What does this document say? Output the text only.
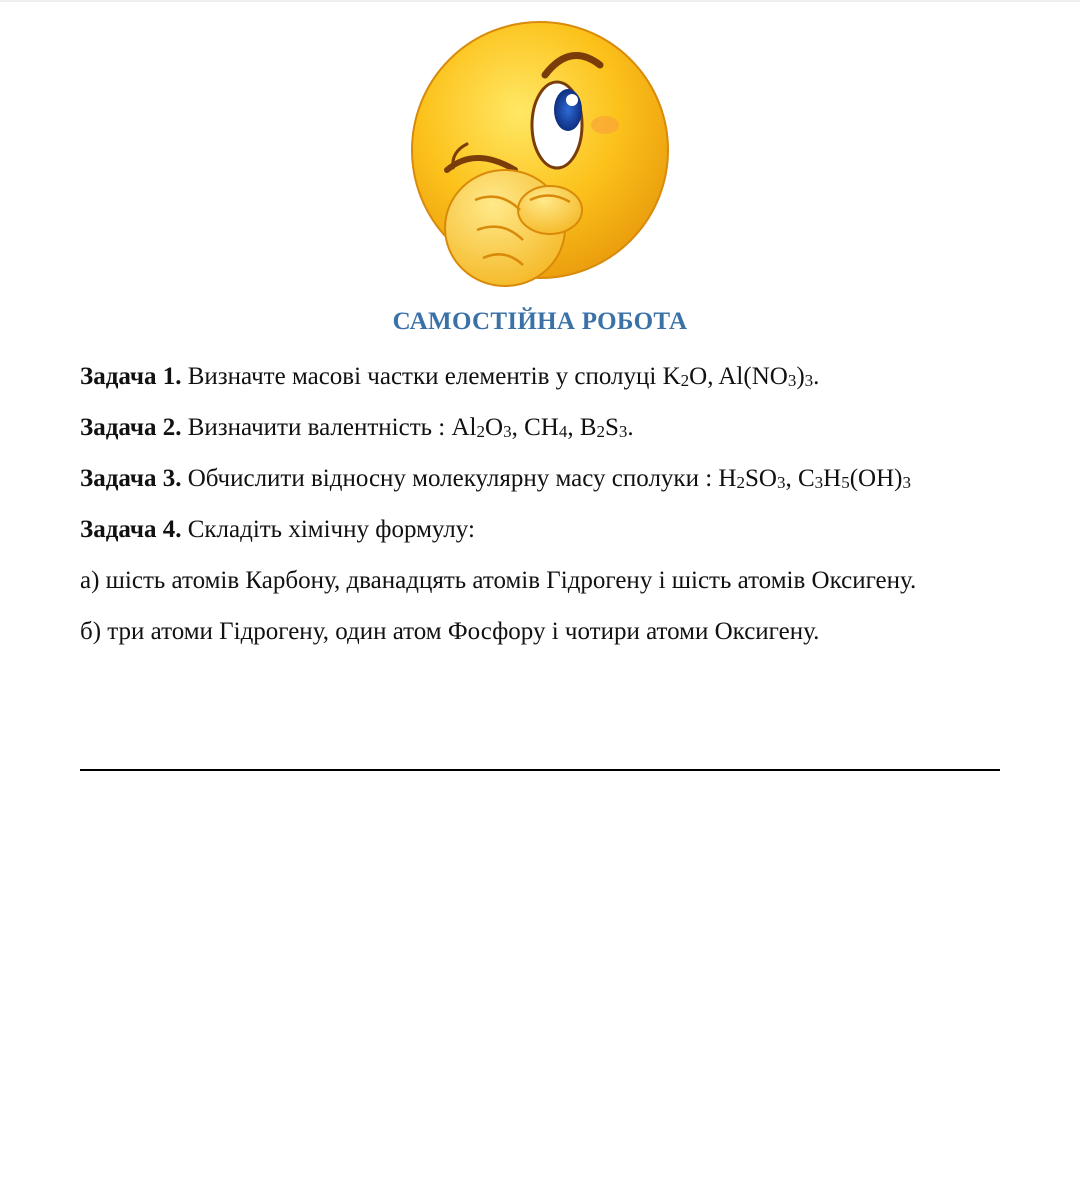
САМОСТІЙНА РОБОТА
Задача 1. Визначте масові частки елементів у сполуці K2O, Al(NO3)3.
Задача 2. Визначити валентність : Al2O3, CH4, B2S3.
Задача 3. Обчислити відносну молекулярну масу сполуки : H2SO3, C3H5(OH)3
Задача 4. Складіть хімічну формулу:
а) шість атомів Карбону, дванадцять атомів Гідрогену і шість атомів Оксигену.
б) три атоми Гідрогену, один атом Фосфору і чотири атоми Оксигену.
